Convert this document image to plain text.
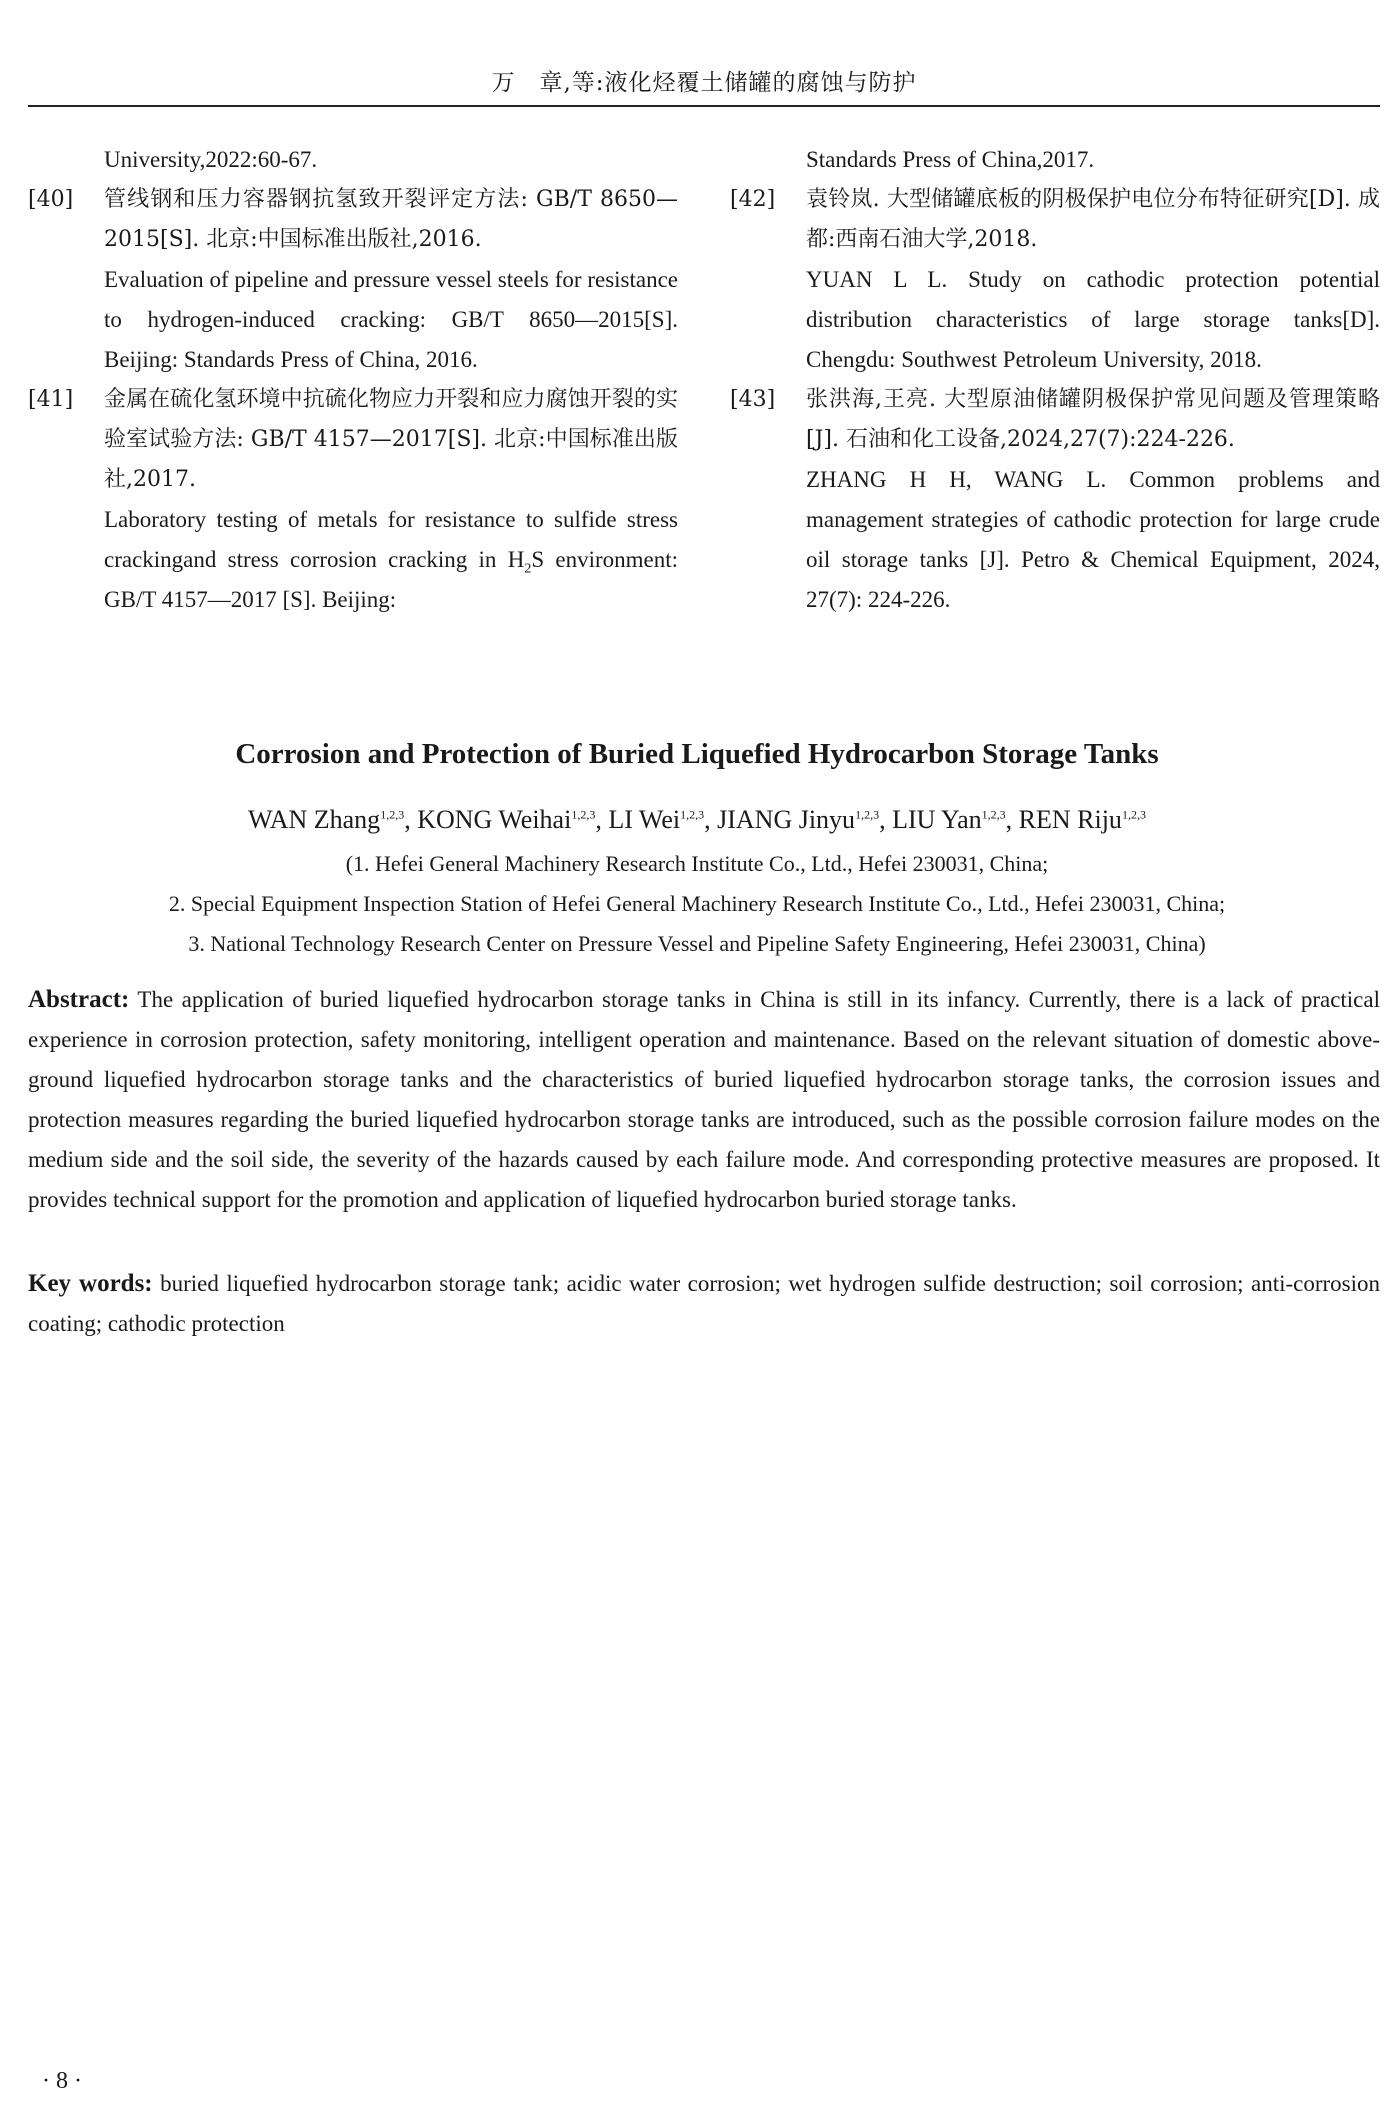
万　章,等:液化烃覆土储罐的腐蚀与防护

University,2022:60-67.

[40] 管线钢和压力容器钢抗氢致开裂评定方法: GB/T 8650—2015[S]. 北京:中国标准出版社,2016.

Evaluation of pipeline and pressure vessel steels for resistance to hydrogen-induced cracking: GB/T 8650—2015[S]. Beijing: Standards Press of China, 2016.

[41] 金属在硫化氢环境中抗硫化物应力开裂和应力腐蚀开裂的实验室试验方法: GB/T 4157—2017[S]. 北京:中国标准出版社,2017.

Laboratory testing of metals for resistance to sulfide stress crackingand stress corrosion cracking in $H_2S$ environment: GB/T 4157—2017 [S]. Beijing:

Standards Press of China,2017.

[42] 袁铃岚. 大型储罐底板的阴极保护电位分布特征研究[D]. 成都:西南石油大学,2018.

YUAN L L. Study on cathodic protection potential distribution characteristics of large storage tanks[D]. Chengdu: Southwest Petroleum University, 2018.

[43] 张洪海,王亮. 大型原油储罐阴极保护常见问题及管理策略[J]. 石油和化工设备,2024,27(7):224-226.

ZHANG H H, WANG L. Common problems and management strategies of cathodic protection for large crude oil storage tanks [J]. Petro & Chemical Equipment, 2024, 27(7): 224-226.

Corrosion and Protection of Buried Liquefied Hydrocarbon Storage Tanks
WAN Zhang$^{1,2,3}$, KONG Weihai$^{1,2,3}$, LI Wei$^{1,2,3}$, JIANG Jinyu$^{1,2,3}$, LIU Yan$^{1,2,3}$, REN Riju$^{1,2,3}$
(1. Hefei General Machinery Research Institute Co., Ltd., Hefei 230031, China;
2. Special Equipment Inspection Station of Hefei General Machinery Research Institute Co., Ltd., Hefei 230031, China;
3. National Technology Research Center on Pressure Vessel and Pipeline Safety Engineering, Hefei 230031, China)

Abstract: The application of buried liquefied hydrocarbon storage tanks in China is still in its infancy. Currently, there is a lack of practical experience in corrosion protection, safety monitoring, intelligent operation and maintenance. Based on the relevant situation of domestic above-ground liquefied hydrocarbon storage tanks and the characteristics of buried liquefied hydrocarbon storage tanks, the corrosion issues and protection measures regarding the buried liquefied hydrocarbon storage tanks are introduced, such as the possible corrosion failure modes on the medium side and the soil side, the severity of the hazards caused by each failure mode. And corresponding protective measures are proposed. It provides technical support for the promotion and application of liquefied hydrocarbon buried storage tanks.

Key words: buried liquefied hydrocarbon storage tank; acidic water corrosion; wet hydrogen sulfide destruction; soil corrosion; anti-corrosion coating; cathodic protection

· 8 ·
